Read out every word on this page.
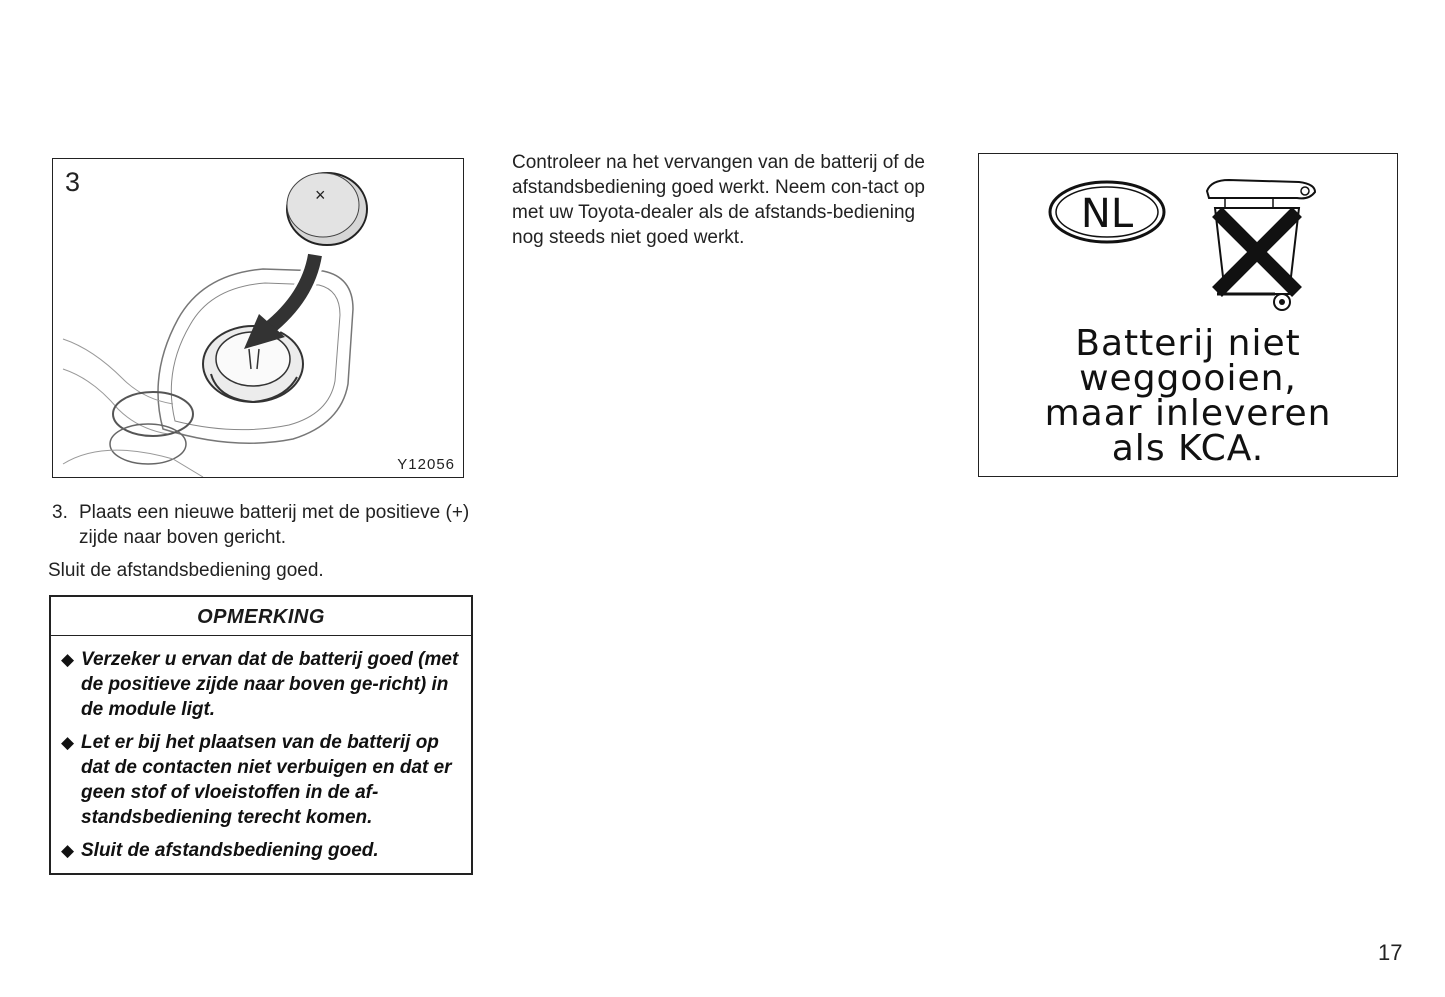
×
3
Y12056
3. Plaats een nieuwe batterij met de positieve (+) zijde naar boven gericht.
Sluit de afstandsbediening goed.
OPMERKING
◆ Verzeker u ervan dat de batterij goed (met de positieve zijde naar boven ge-richt) in de module ligt.
◆ Let er bij het plaatsen van de batterij op dat de contacten niet verbuigen en dat er geen stof of vloeistoffen in de af-standsbediening terecht komen.
◆ Sluit de afstandsbediening goed.
Controleer na het vervangen van de batterij of de afstandsbediening goed werkt. Neem con-tact op met uw Toyota-dealer als de afstands-bediening nog steeds niet goed werkt.
NL
Batterij niet
weggooien,
maar inleveren
als KCA.
17
